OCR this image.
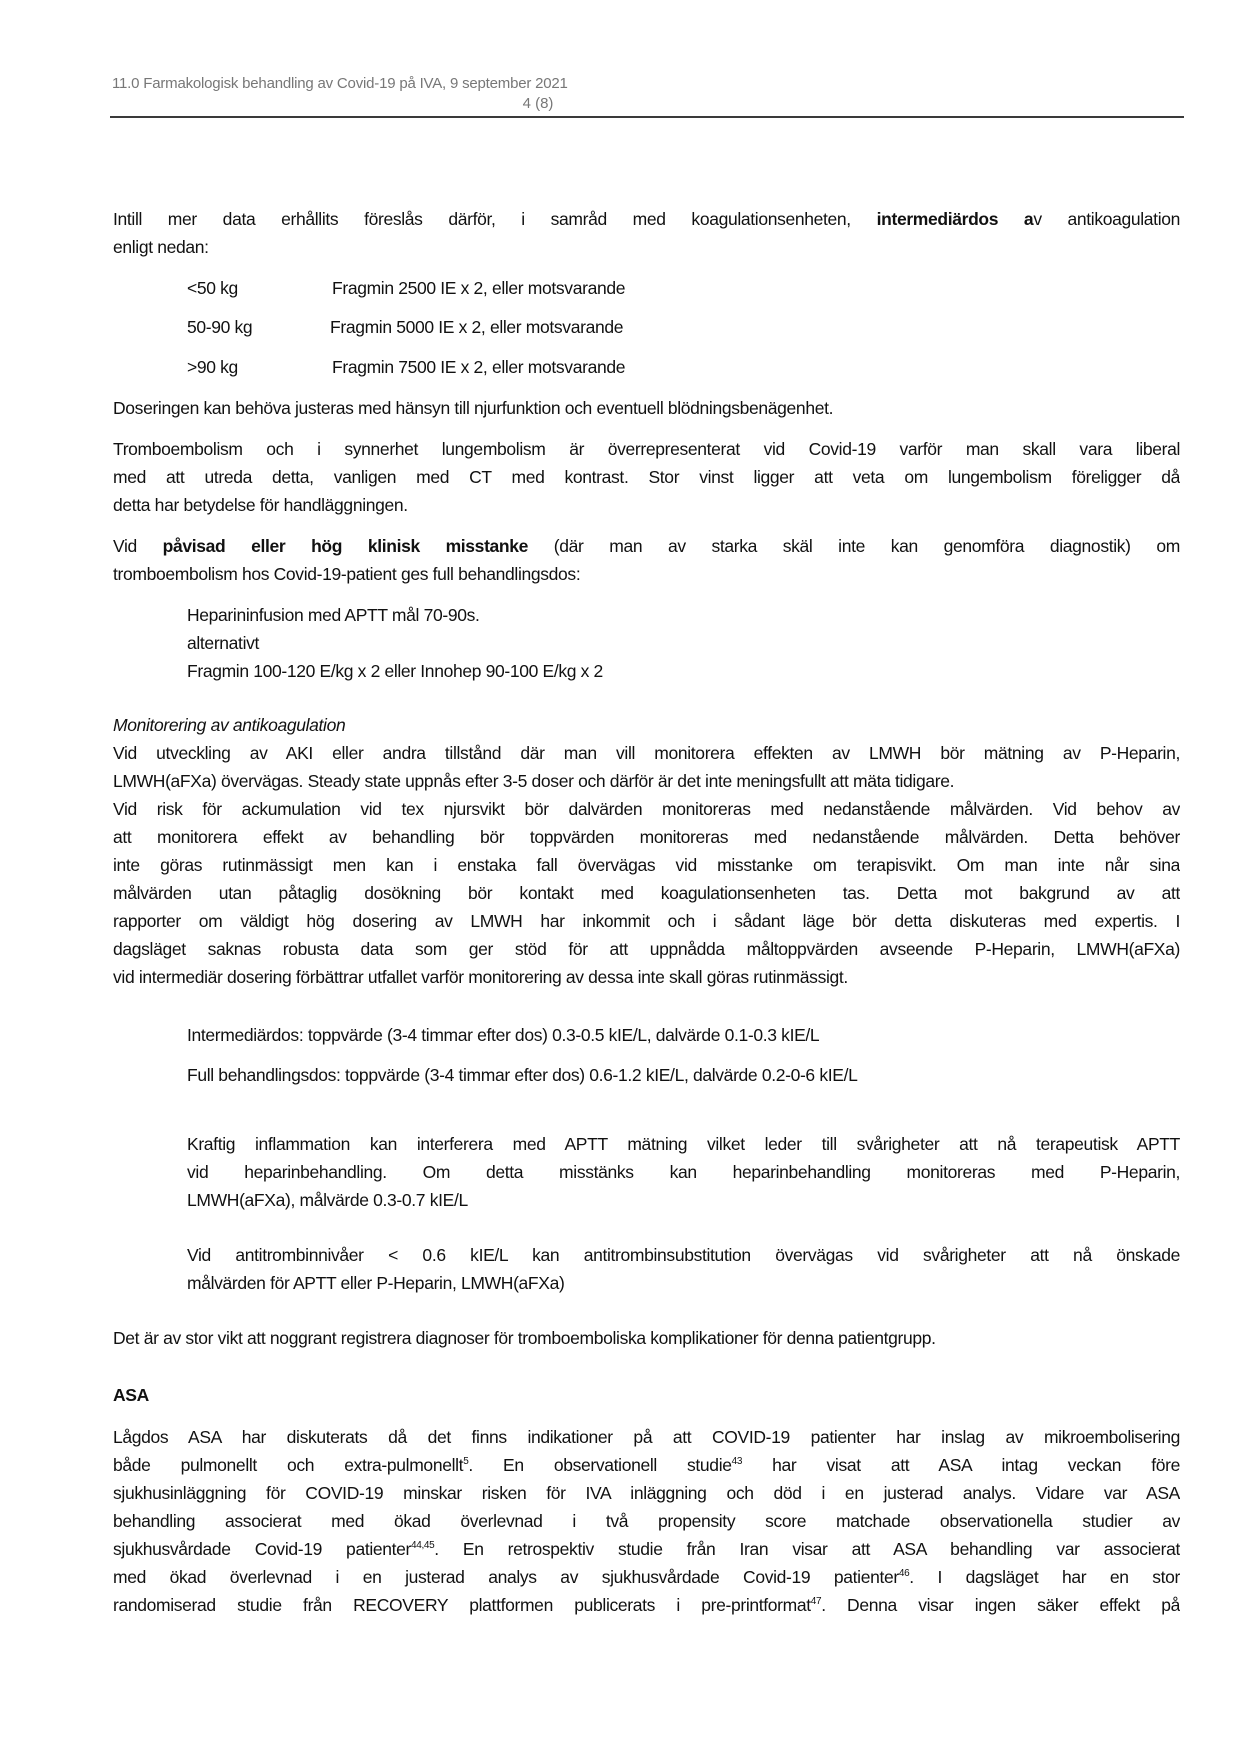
11.0 Farmakologisk behandling av Covid-19 på IVA, 9 september 2021
4 (8)
Intill mer data erhållits föreslås därför, i samråd med koagulationsenheten, intermediärdos av antikoagulation
enligt nedan:
<50 kg	Fragmin 2500 IE x 2, eller motsvarande
50-90 kg	Fragmin 5000 IE x 2, eller motsvarande
>90 kg	Fragmin 7500 IE x 2, eller motsvarande
Doseringen kan behöva justeras med hänsyn till njurfunktion och eventuell blödningsbenägenhet.
Tromboembolism och i synnerhet lungembolism är överrepresenterat vid Covid-19 varför man skall vara liberal
med att utreda detta, vanligen med CT med kontrast. Stor vinst ligger att veta om lungembolism föreligger då
detta har betydelse för handläggningen.
Vid påvisad eller hög klinisk misstanke (där man av starka skäl inte kan genomföra diagnostik) om
tromboembolism hos Covid-19-patient ges full behandlingsdos:
Heparininfusion med APTT mål 70-90s.
alternativt
Fragmin 100-120 E/kg x 2 eller Innohep 90-100 E/kg x 2
Monitorering av antikoagulation
Vid utveckling av AKI eller andra tillstånd där man vill monitorera effekten av LMWH bör mätning av P-Heparin,
LMWH(aFXa) övervägas. Steady state uppnås efter 3-5 doser och därför är det inte meningsfullt att mäta tidigare.
Vid risk för ackumulation vid tex njursvikt bör dalvärden monitoreras med nedanstående målvärden. Vid behov av
att monitorera effekt av behandling bör toppvärden monitoreras med nedanstående målvärden. Detta behöver
inte göras rutinmässigt men kan i enstaka fall övervägas vid misstanke om terapisvikt. Om man inte når sina
målvärden utan påtaglig dosökning bör kontakt med koagulationsenheten tas. Detta mot bakgrund av att
rapporter om väldigt hög dosering av LMWH har inkommit och i sådant läge bör detta diskuteras med expertis. I
dagsläget saknas robusta data som ger stöd för att uppnådda måltoppvärden avseende P-Heparin, LMWH(aFXa)
vid intermediär dosering förbättrar utfallet varför monitorering av dessa inte skall göras rutinmässigt.
Intermediärdos: toppvärde (3-4 timmar efter dos) 0.3-0.5 kIE/L, dalvärde 0.1-0.3 kIE/L
Full behandlingsdos: toppvärde (3-4 timmar efter dos) 0.6-1.2 kIE/L, dalvärde 0.2-0-6 kIE/L
Kraftig inflammation kan interferera med APTT mätning vilket leder till svårigheter att nå terapeutisk APTT
vid heparinbehandling. Om detta misstänks kan heparinbehandling monitoreras med P-Heparin,
LMWH(aFXa), målvärde 0.3-0.7 kIE/L
Vid antitrombinnivåer < 0.6 kIE/L kan antitrombinsubstitution övervägas vid svårigheter att nå önskade
målvärden för APTT eller P-Heparin, LMWH(aFXa)
Det är av stor vikt att noggrant registrera diagnoser för tromboemboliska komplikationer för denna patientgrupp.
ASA
Lågdos ASA har diskuterats då det finns indikationer på att COVID-19 patienter har inslag av mikroembolisering
både pulmonellt och extra-pulmonellt$^5$. En observationell studie$^{43}$ har visat att ASA intag veckan före
sjukhusinläggning för COVID-19 minskar risken för IVA inläggning och död i en justerad analys. Vidare var ASA
behandling associerat med ökad överlevnad i två propensity score matchade observationella studier av
sjukhusvårdade Covid-19 patienter$^{44,45}$. En retrospektiv studie från Iran visar att ASA behandling var associerat
med ökad överlevnad i en justerad analys av sjukhusvårdade Covid-19 patienter$^{46}$. I dagsläget har en stor
randomiserad studie från RECOVERY plattformen publicerats i pre-printformat$^{47}$. Denna visar ingen säker effekt på
